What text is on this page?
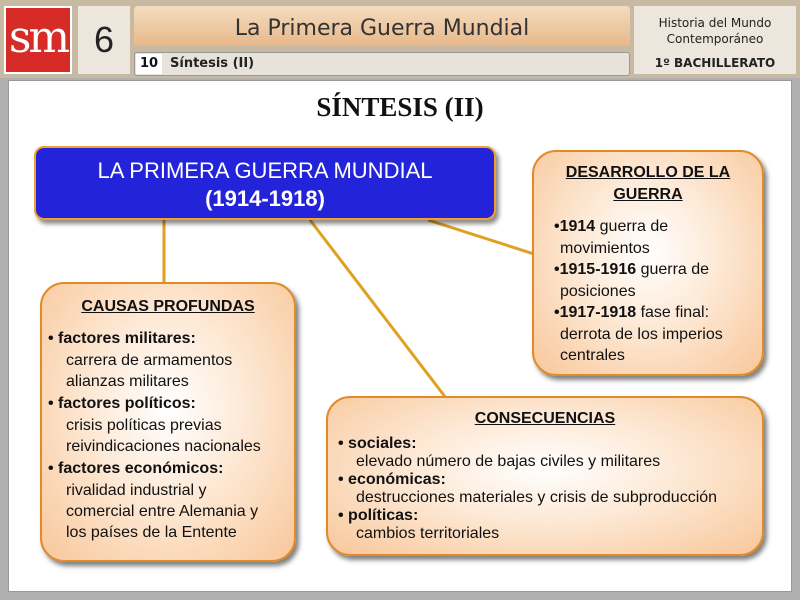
sm 6	La Primera Guerra Mundial
10 Síntesis (II)
Historia del Mundo
Contemporáneo
1º BACHILLERATO
SÍNTESIS (II)
LA PRIMERA GUERRA MUNDIAL
(1914-1918)
CAUSAS PROFUNDAS
• factores militares:
carrera de armamentos
alianzas militares
• factores políticos:
crisis políticas previas
reivindicaciones nacionales
• factores económicos:
rivalidad industrial y
comercial entre Alemania y
los países de la Entente
DESARROLLO DE LA
GUERRA
•1914 guerra de
movimientos
•1915-1916 guerra de
posiciones
•1917-1918 fase final:
derrota de los imperios
centrales
CONSECUENCIAS
• sociales:
elevado número de bajas civiles y militares
• económicas:
destrucciones materiales y crisis de subproducción
• políticas:
cambios territoriales
